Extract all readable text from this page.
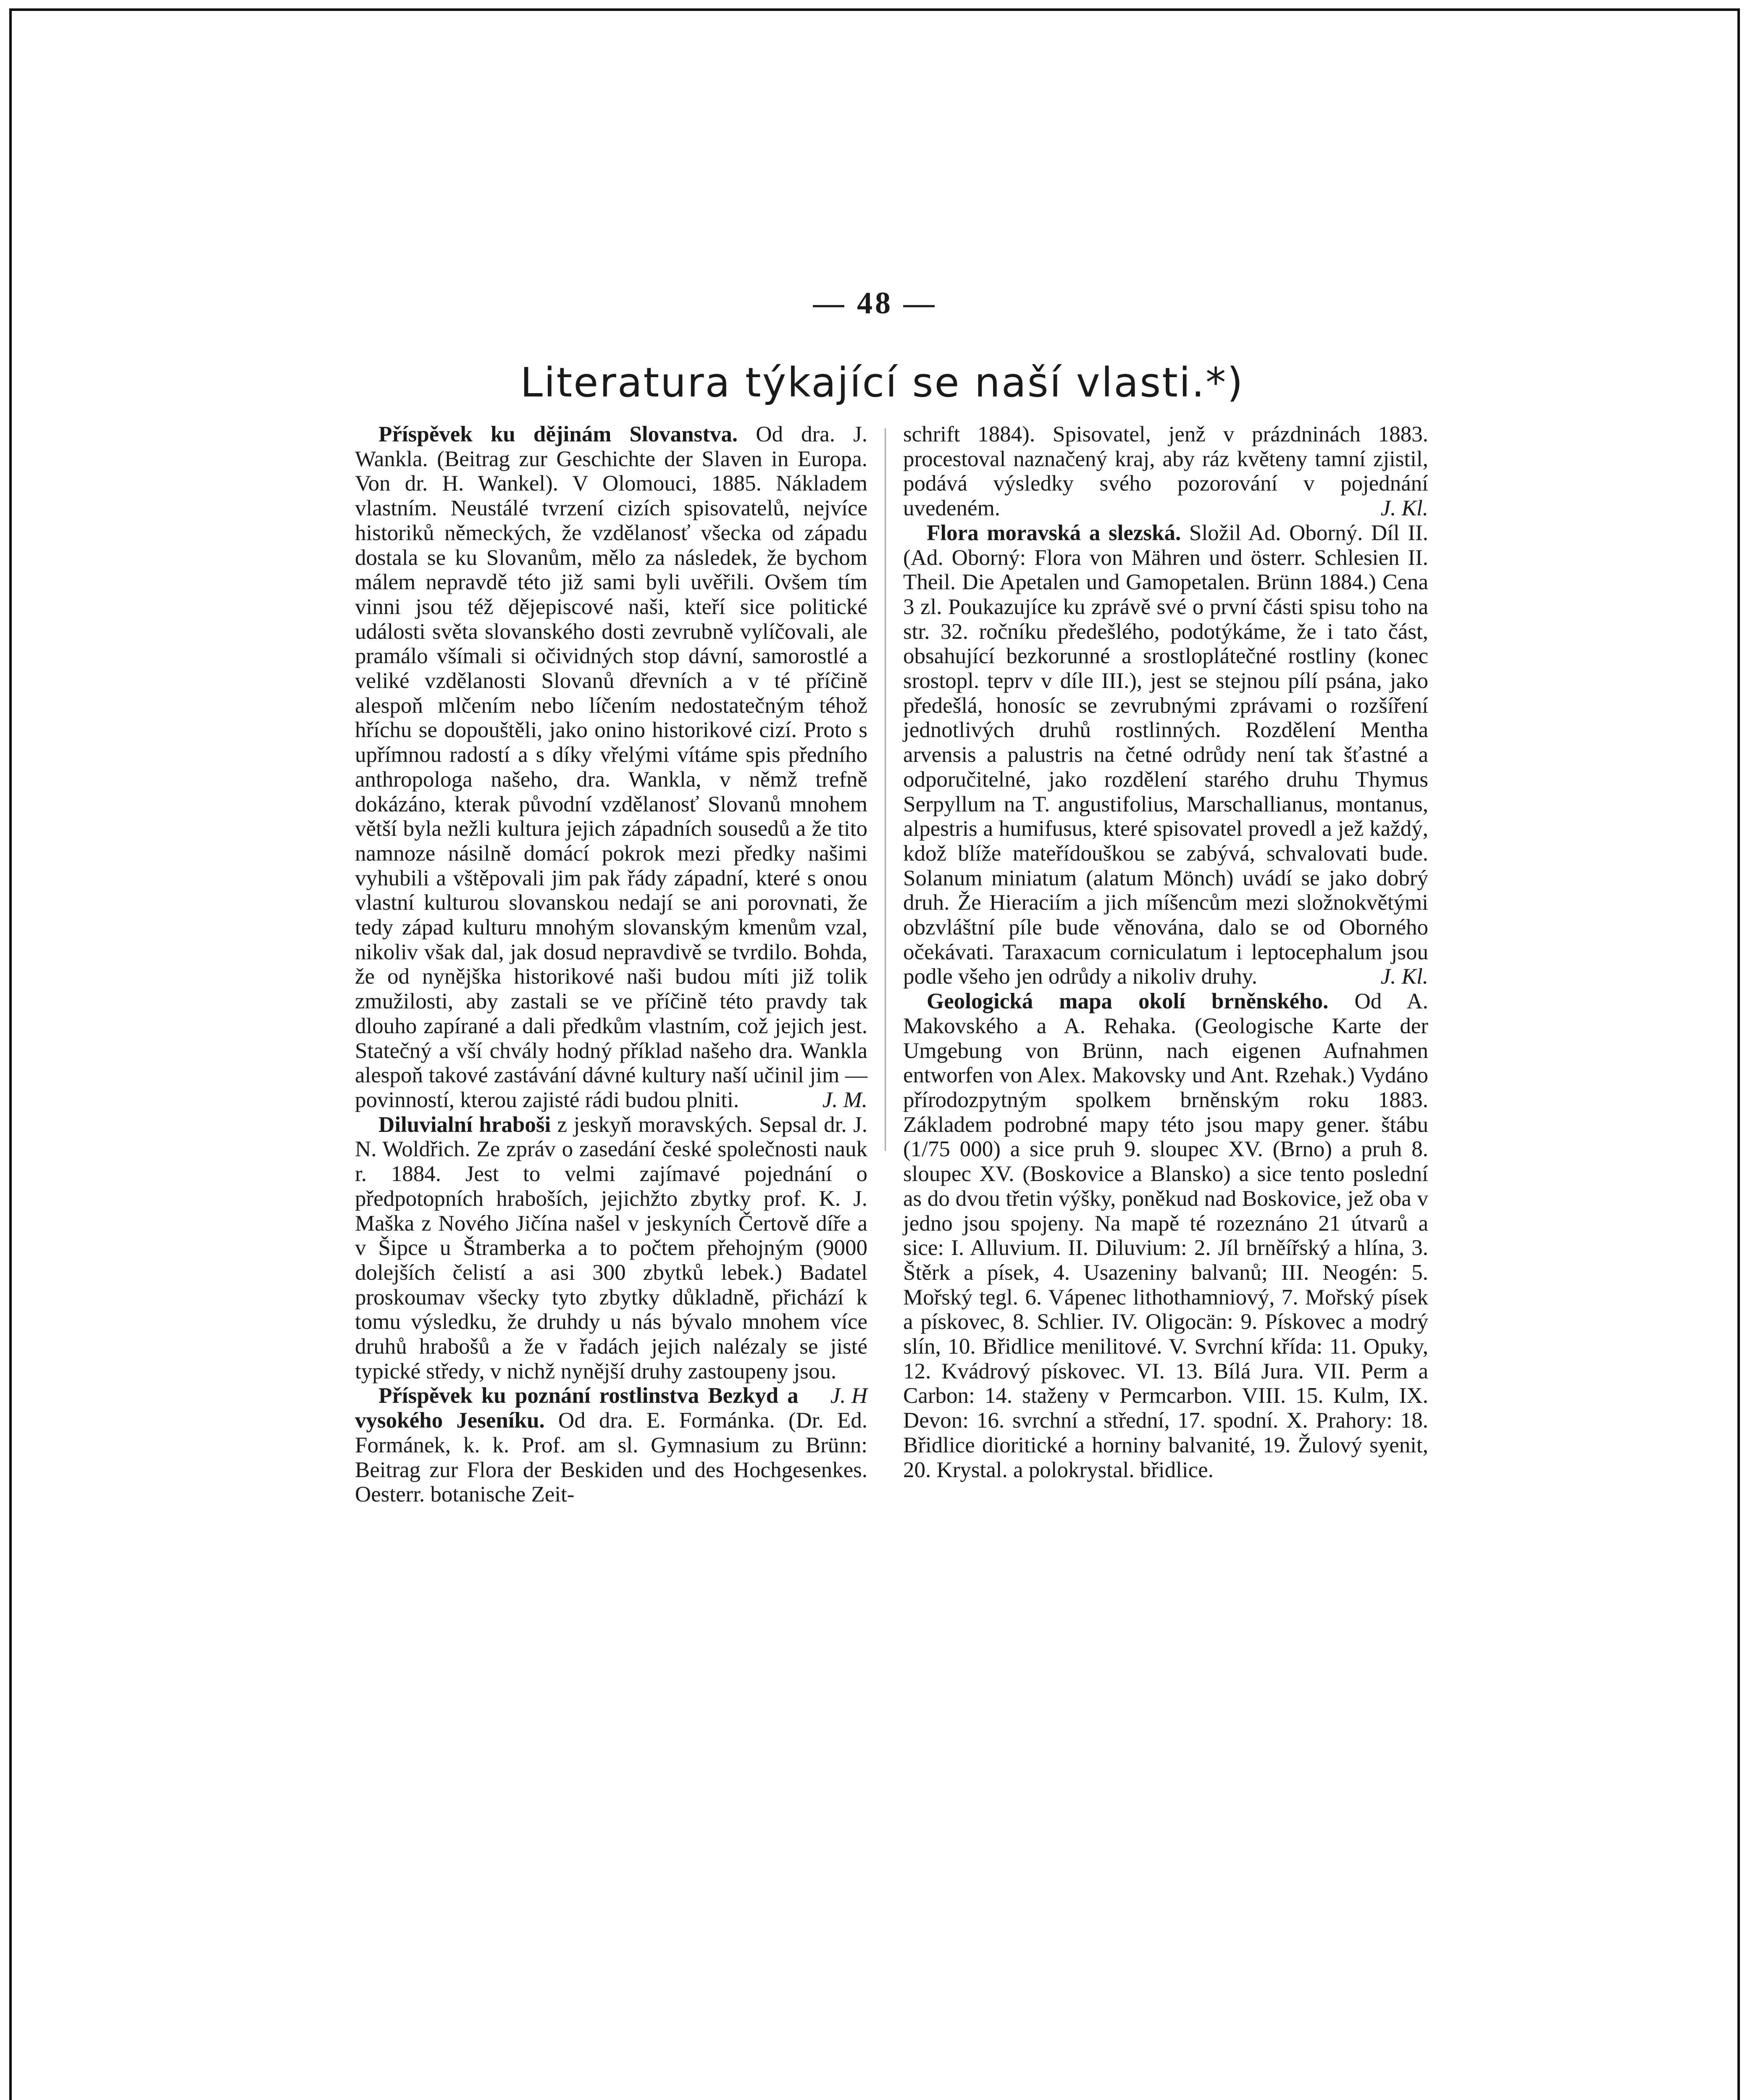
— 48 —
Literatura týkající se naší vlasti.*)

Příspěvek ku dějinám Slovanstva. Od dra. J. Wankla. (Beitrag zur Geschichte der Slaven in Europa. Von dr. H. Wankel). V Olomouci, 1885. Nákladem vlastním. Neustálé tvrzení cizích spisovatelů, nejvíce historiků německých, že vzdělanosť všecka od západu dostala se ku Slovanům, mělo za následek, že bychom málem nepravdě této již sami byli uvěřili. Ovšem tím vinni jsou též dějepiscové naši, kteří sice politické události světa slovanského dosti zevrubně vylíčovali, ale pramálo všímali si očividných stop dávní, samorostlé a veliké vzdělanosti Slovanů dřevních a v té příčině alespoň mlčením nebo líčením nedostatečným téhož hříchu se dopouštěli, jako onino historikové cizí. Proto s upřímnou radostí a s díky vřelými vítáme spis předního anthropologa našeho, dra. Wankla, v němž trefně dokázáno, kterak původní vzdělanosť Slovanů mnohem větší byla nežli kultura jejich západních sousedů a že tito namnoze násilně domácí pokrok mezi předky našimi vyhubili a vštěpovali jim pak řády západní, které s onou vlastní kulturou slovanskou nedají se ani porovnati, že tedy západ kulturu mnohým slovanským kmenům vzal, nikoliv však dal, jak dosud nepravdivě se tvrdilo. Bohda, že od nynějška historikové naši budou míti již tolik zmužilosti, aby zastali se ve příčině této pravdy tak dlouho zapírané a dali předkům vlastním, což jejich jest. Statečný a vší chvály hodný příklad našeho dra. Wankla alespoň takové zastávání dávné kultury naší učinil jim — povinností, kterou zajisté rádi budou plniti.	J. M.

Diluvialní hraboši z jeskyň moravských. Sepsal dr. J. N. Woldřich. Ze zpráv o zasedání české společnosti nauk r. 1884. Jest to velmi zajímavé pojednání o předpotopních hraboších, jejichžto zbytky prof. K. J. Maška z Nového Jičína našel v jeskyních Čertově díře a v Šipce u Štramberka a to počtem přehojným (9000 dolejších čelistí a asi 300 zbytků lebek.) Badatel proskoumav všecky tyto zbytky důkladně, přichází k tomu výsledku, že druhdy u nás bývalo mnohem více druhů hrabošů a že v řadách jejich nalézaly se jisté typické středy, v nichž nynější druhy zastoupeny jsou.
J. H

Příspěvek ku poznání rostlinstva Bezkyd a vysokého Jeseníku. Od dra. E. Formánka. (Dr. Ed. Formánek, k. k. Prof. am sl. Gymnasium zu Brünn: Beitrag zur Flora der Beskiden und des Hochgesenkes. Oesterr. botanische Zeit-

schrift 1884). Spisovatel, jenž v prázdninách 1883. procestoval naznačený kraj, aby ráz květeny tamní zjistil, podává výsledky svého pozorování v pojednání uvedeném.	J. Kl.

Flora moravská a slezská. Složil Ad. Oborný. Díl II. (Ad. Oborný: Flora von Mähren und österr. Schlesien II. Theil. Die Apetalen und Gamopetalen. Brünn 1884.) Cena 3 zl. Poukazujíce ku zprávě své o první části spisu toho na str. 32. ročníku předešlého, podotýkáme, že i tato část, obsahující bezkorunné a srostloplátečné rostliny (konec srostopl. teprv v díle III.), jest se stejnou pílí psána, jako předešlá, honosíc se zevrubnými zprávami o rozšíření jednotlivých druhů rostlinných. Rozdělení Mentha arvensis a palustris na četné odrůdy není tak šťastné a odporučitelné, jako rozdělení starého druhu Thymus Serpyllum na T. angustifolius, Marschallianus, montanus, alpestris a humifusus, které spisovatel provedl a jež každý, kdož blíže mateřídouškou se zabývá, schvalovati bude. Solanum miniatum (alatum Mönch) uvádí se jako dobrý druh. Že Hieraciím a jich míšencům mezi složnokvětými obzvláštní píle bude věnována, dalo se od Oborného očekávati. Taraxacum corniculatum i leptocephalum jsou podle všeho jen odrůdy a nikoliv druhy.	J. Kl.

Geologická mapa okolí brněnského. Od A. Makovského a A. Rehaka. (Geologische Karte der Umgebung von Brünn, nach eigenen Aufnahmen entworfen von Alex. Makovsky und Ant. Rzehak.) Vydáno přírodozpytným spolkem brněnským roku 1883. Základem podrobné mapy této jsou mapy gener. štábu (1/75 000) a sice pruh 9. sloupec XV. (Brno) a pruh 8. sloupec XV. (Boskovice a Blansko) a sice tento poslední as do dvou třetin výšky, poněkud nad Boskovice, jež oba v jedno jsou spojeny. Na mapě té rozeznáno 21 útvarů a sice: I. Alluvium. II. Diluvium: 2. Jíl brněířský a hlína, 3. Štěrk a písek, 4. Usazeniny balvanů; III. Neogén: 5. Mořský tegl. 6. Vápenec lithothamniový, 7. Mořský písek a pískovec, 8. Schlier. IV. Oligocän: 9. Pískovec a modrý slín, 10. Břidlice menilitové. V. Svrchní křída: 11. Opuky, 12. Kvádrový pískovec. VI. 13. Bílá Jura. VII. Perm a Carbon: 14. staženy v Permcarbon. VIII. 15. Kulm, IX. Devon: 16. svrchní a střední, 17. spodní. X. Prahory: 18. Břidlice dioritické a horniny balvanité, 19. Žulový syenit, 20. Krystal. a polokrystal. břidlice.
